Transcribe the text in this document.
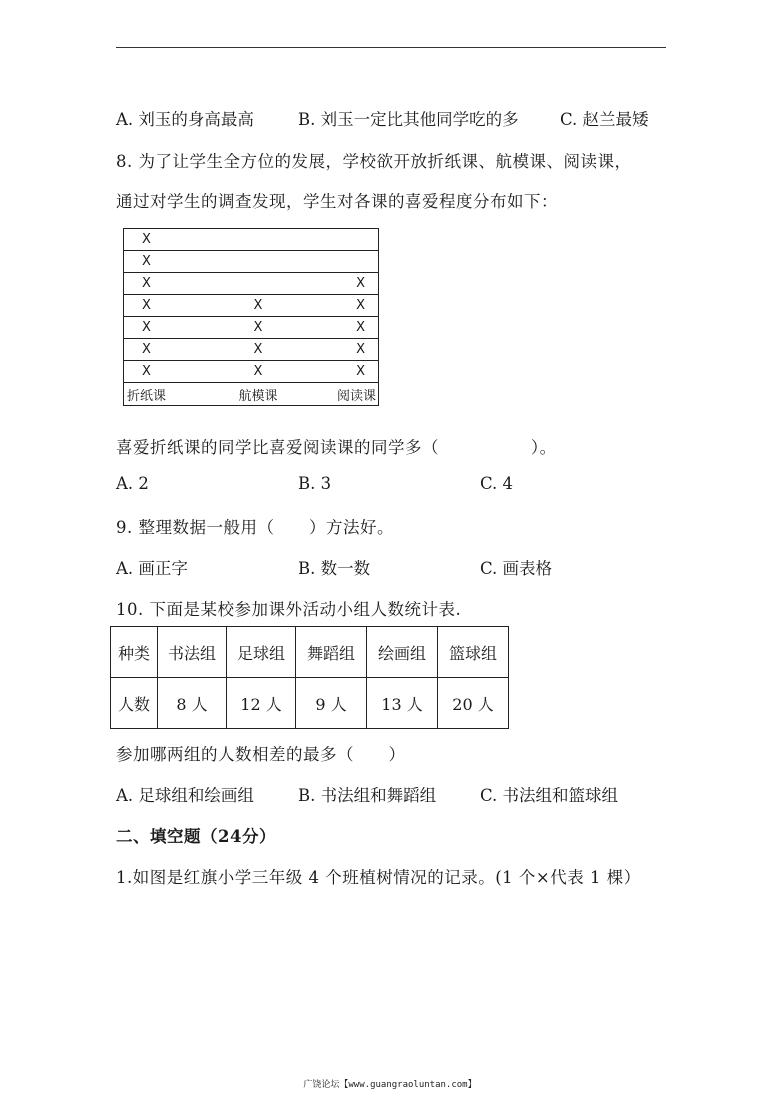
A. 刘玉的身高最高	B. 刘玉一定比其他同学吃的多	C. 赵兰最矮
8. 为了让学生全方位的发展，学校欲开放折纸课、航模课、阅读课，
通过对学生的调查发现，学生对各课的喜爱程度分布如下：
X		
X		
X		X
X	X	X
X	X	X
X	X	X
X	X	X
折纸课	航模课	阅读课
喜爱折纸课的同学比喜爱阅读课的同学多（                ）。
A. 2	B. 3	C. 4
9. 整理数据一般用（      ）方法好。
A. 画正字	B. 数一数	C. 画表格
10. 下面是某校参加课外活动小组人数统计表.
种类	书法组	足球组	舞蹈组	绘画组	篮球组
人数	8 人	12 人	9 人	13 人	20 人
参加哪两组的人数相差的最多（      ）
A. 足球组和绘画组	B. 书法组和舞蹈组	C. 书法组和篮球组
二、填空题（24分）
1.如图是红旗小学三年级 4 个班植树情况的记录。(1 个×代表 1 棵）
广饶论坛【www.guangraoluntan.com】
